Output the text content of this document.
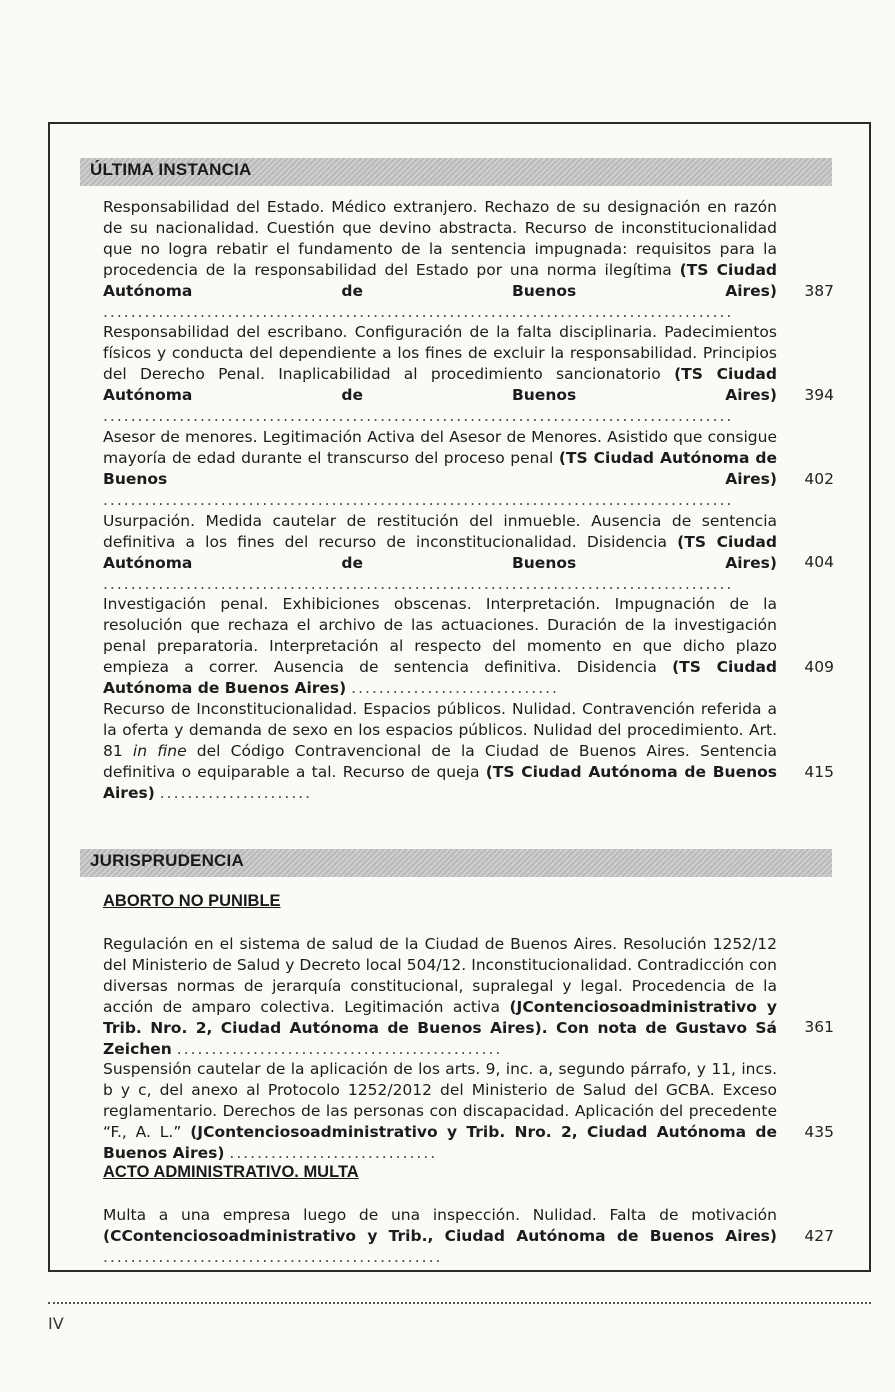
ÚLTIMA INSTANCIA

Responsabilidad del Estado. Médico extranjero. Rechazo de su designación en razón de su nacionalidad. Cuestión que devino abstracta. Recurso de inconstitucionalidad que no logra rebatir el fundamento de la sentencia impugnada: requisitos para la procedencia de la responsabilidad del Estado por una norma ilegítima (TS Ciudad Autónoma de Buenos Aires) ...........................................................................................

387

Responsabilidad del escribano. Configuración de la falta disciplinaria. Padecimientos físicos y conducta del dependiente a los fines de excluir la responsabilidad. Principios del Derecho Penal. Inaplicabilidad al procedimiento sancionatorio (TS Ciudad Autónoma de Buenos Aires) ...........................................................................................

394

Asesor de menores. Legitimación Activa del Asesor de Menores. Asistido que consigue mayoría de edad durante el transcurso del proceso penal (TS Ciudad Autónoma de Buenos Aires) ...........................................................................................

402

Usurpación. Medida cautelar de restitución del inmueble. Ausencia de sentencia definitiva a los fines del recurso de inconstitucionalidad. Disidencia (TS Ciudad Autónoma de Buenos Aires) ...........................................................................................

404

Investigación penal. Exhibiciones obscenas. Interpretación. Impugnación de la resolución que rechaza el archivo de las actuaciones. Duración de la investigación penal preparatoria. Interpretación al respecto del momento en que dicho plazo empieza a correr. Ausencia de sentencia definitiva. Disidencia (TS Ciudad Autónoma de Buenos Aires) ..............................

409

Recurso de Inconstitucionalidad. Espacios públicos. Nulidad. Contravención referida a la oferta y demanda de sexo en los espacios públicos. Nulidad del procedimiento. Art. 81 in fine del Código Contravencional de la Ciudad de Buenos Aires. Sentencia definitiva o equiparable a tal. Recurso de queja (TS Ciudad Autónoma de Buenos Aires) ......................

415
JURISPRUDENCIA
ABORTO NO PUNIBLE

Regulación en el sistema de salud de la Ciudad de Buenos Aires. Resolución 1252/12 del Ministerio de Salud y Decreto local 504/12. Inconstitucionalidad. Contradicción con diversas normas de jerarquía constitucional, supralegal y legal. Procedencia de la acción de amparo colectiva. Legitimación activa (JContenciosoadministrativo y Trib. Nro. 2, Ciudad Autónoma de Buenos Aires). Con nota de Gustavo Sá Zeichen ...............................................

361

Suspensión cautelar de la aplicación de los arts. 9, inc. a, segundo párrafo, y 11, incs. b y c, del anexo al Protocolo 1252/2012 del Ministerio de Salud del GCBA. Exceso reglamentario. Derechos de las personas con discapacidad. Aplicación del precedente “F., A. L.” (JContenciosoadministrativo y Trib. Nro. 2, Ciudad Autónoma de Buenos Aires) ..............................

435
ACTO ADMINISTRATIVO. MULTA

Multa a una empresa luego de una inspección. Nulidad. Falta de motivación (CContenciosoadministrativo y Trib., Ciudad Autónoma de Buenos Aires) .................................................

427
IV
